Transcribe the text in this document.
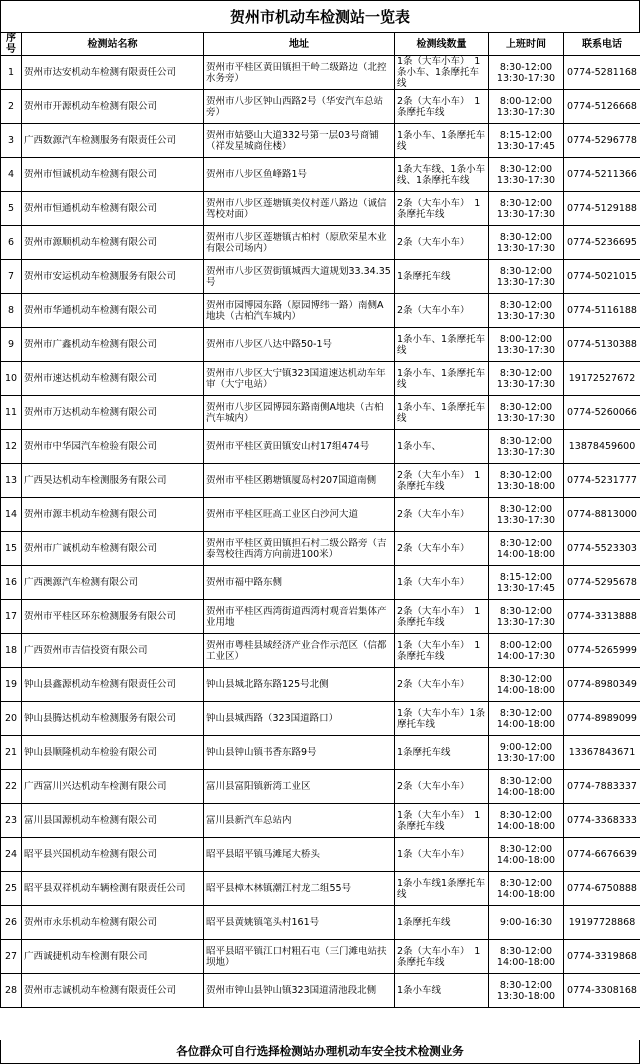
贺州市机动车检测站一览表
序号	检测站名称	地址	检测线数量	上班时间	联系电话

1	贺州市达安机动车检测有限责任公司	贺州市平桂区黄田镇担干岭二级路边（北控水务旁）	1条（大车小车）　1条小车、1条摩托车线	8:30-12:00
13:30-17:30	0774-5281168

2	贺州市开源机动车检测有限公司	贺州市八步区钟山西路2号（华安汽车总站旁）	2条（大车小车）　1条摩托车线	8:00-12:00
13:30-17:30	0774-5126668

3	广西数源汽车检测服务有限责任公司	贺州市姑婆山大道332号第一层03号商铺（祥发星城商住楼）	1条小车、1条摩托车线	8:15-12:00
13:30-17:45	0774-5296778

4	贺州市恒诚机动车检测有限公司	贺州市八步区鱼峰路1号	1条大车线、1条小车线、1条摩托车线	8:30-12:00
13:30-17:30	0774-5211366

5	贺州市恒通机动车检测有限公司	贺州市八步区莲塘镇美仪村莲八路边（诚信驾校对面）	2条（大车小车）　1条摩托车线	8:30-12:00
13:30-17:30	0774-5129188

6	贺州市源顺机动车检测有限公司	贺州市八步区莲塘镇古柏村（原欣荣星木业有限公司场内）	2条（大车小车）	8:30-12:00
13:30-17:30	0774-5236695

7	贺州市安运机动车检测服务有限公司	贺州市八步区贺街镇城西大道规划33.34.35号	1条摩托车线	8:30-12:00
13:30-17:30	0774-5021015

8	贺州市华通机动车检测有限公司	贺州市园博园东路（原园博纬一路）南侧A地块（古柏汽车城内）	2条（大车小车）	8:30-12:00
13:30-17:30	0774-5116188

9	贺州市广鑫机动车检测有限公司	贺州市八步区八达中路50-1号	1条小车、1条摩托车线	8:00-12:00
13:30-17:30	0774-5130388

10	贺州市速达机动车检测有限公司	贺州市八步区大宁镇323国道速达机动车年审（大宁电站）	1条小车、1条摩托车线	8:30-12:00
13:30-17:30	19172527672

11	贺州市万达机动车检测有限公司	贺州市八步区园博园东路南侧A地块（古柏汽车城内）	1条小车、1条摩托车线	8:30-12:00
13:30-17:30	0774-5260066

12	贺州市中华园汽车检验有限公司	贺州市平桂区黄田镇安山村17组474号	1条小车、	8:30-12:00
13:30-17:30	13878459600

13	广西昊达机动车检测服务有限公司	贺州市平桂区鹅塘镇厦岛村207国道南侧	2条（大车小车）　1条摩托车线	8:30-12:00
13:30-18:00	0774-5231777

14	贺州市源丰机动车检测有限公司	贺州市平桂区旺高工业区白沙河大道	2条（大车小车）	8:30-12:00
13:30-17:30	0774-8813000

15	贺州市广诚机动车检测有限公司	贺州市平桂区黄田镇担石村二级公路旁（吉泰驾校往西湾方向前进100米）	2条（大车小车）	8:30-12:00
14:00-18:00	0774-5523303

16	广西澳源汽车检测有限公司	贺州市福中路东侧	1条（大车小车）	8:15-12:00
13:30-17:45	0774-5295678

17	贺州市平桂区环东检测服务有限公司	贺州市平桂区西湾街道西湾村观音岩集体产业用地	2条（大车小车）　1条摩托车线	8:30-12:00
13:30-17:30	0774-3313888

18	广西贺州市吉信投资有限公司	贺州市粤桂县域经济产业合作示范区（信都工业区）	1条（大车小车）　1条摩托车线	8:00-12:00
14:00-17:30	0774-5265999

19	钟山县鑫源机动车检测有限责任公司	钟山县城北路东路125号北侧	2条（大车小车）	8:30-12:00
14:00-18:00	0774-8980349

20	钟山县腾达机动车检测服务有限公司	钟山县城西路（323国道路口）	1条（大车小车）1条摩托车线	8:30-12:00
14:00-18:00	0774-8989099

21	钟山县顺隆机动车检验有限公司	钟山县钟山镇书香东路9号	1条摩托车线	9:00-12:00
13:30-17:00	13367843671

22	广西富川兴达机动车检测有限公司	富川县富阳镇新湾工业区	2条（大车小车）	8:30-12:00
14:00-18:00	0774-7883337

23	富川县国源机动车检测有限公司	富川县新汽车总站内	1条（大车小车）　1条摩托车线	8:30-12:00
14:00-18:00	0774-3368333

24	昭平县兴国机动车检测有限公司	昭平县昭平镇马滩尾大桥头	1条（大车小车）	8:30-12:00
14:00-18:00	0774-6676639

25	昭平县双祥机动车辆检测有限责任公司	昭平县樟木林镇潮江村龙二组55号	1条小车线1条摩托车线	8:30-12:00
14:00-18:00	0774-6750888

26	贺州市永乐机动车检测有限公司	昭平县黄姚镇笔头村161号	1条摩托车线	9:00-16:30	19197728868

27	广西诚捷机动车检测有限公司	昭平县昭平镇江口村粗石屯（三门滩电站扶坝地）	2条（大车小车）　1条摩托车线	8:30-12:00
14:00-18:00	0774-3319868

28	贺州市志诚机动车检测有限责任公司	贺州市钟山县钟山镇323国道清池段北侧	1条小车线	8:30-12:00
13:30-18:00	0774-3308168
各位群众可自行选择检测站办理机动车安全技术检测业务
